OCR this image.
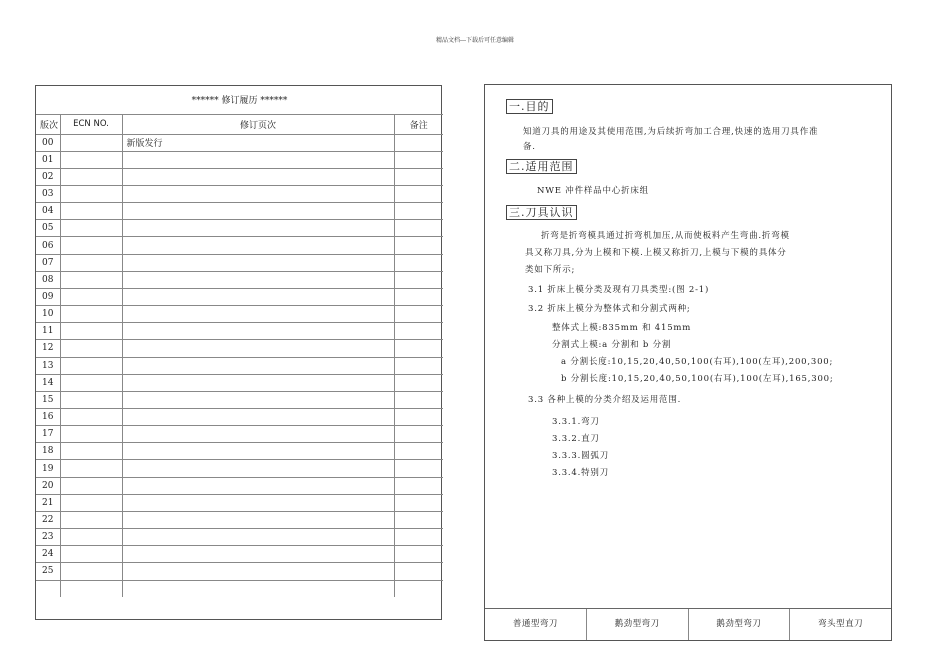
精品文档---下载后可任意编辑
****** 修订履历 ******			
版次	ECN NO.	修订页次	备注
00		新版发行	
01			
02			
03			
04			
05			
06			
07			
08			
09			
10			
11			
12			
13			
14			
15			
16			
17			
18			
19			
20			
21			
22			
23			
24			
25			

一.目的
知道刀具的用途及其使用范围,为后续折弯加工合理,快速的选用刀具作准
备.
二.适用范围
NWE 冲件样品中心折床组
三.刀具认识
折弯是折弯模具通过折弯机加压,从而使板料产生弯曲.折弯模
具又称刀具,分为上模和下模.上模又称折刀,上模与下模的具体分
类如下所示;
3.1 折床上模分类及现有刀具类型:(图 2-1)
3.2 折床上模分为整体式和分割式两种;
整体式上模:835mm 和 415mm
分割式上模:a 分割和 b 分割
a 分割长度:10,15,20,40,50,100(右耳),100(左耳),200,300;
b 分割长度:10,15,20,40,50,100(右耳),100(左耳),165,300;
3.3 各种上模的分类介绍及运用范围.
3.3.1.弯刀
3.3.2.直刀
3.3.3.圆弧刀
3.3.4.特别刀
普通型弯刀	鹅劲型弯刀	鹅劲型弯刀	弯头型直刀
